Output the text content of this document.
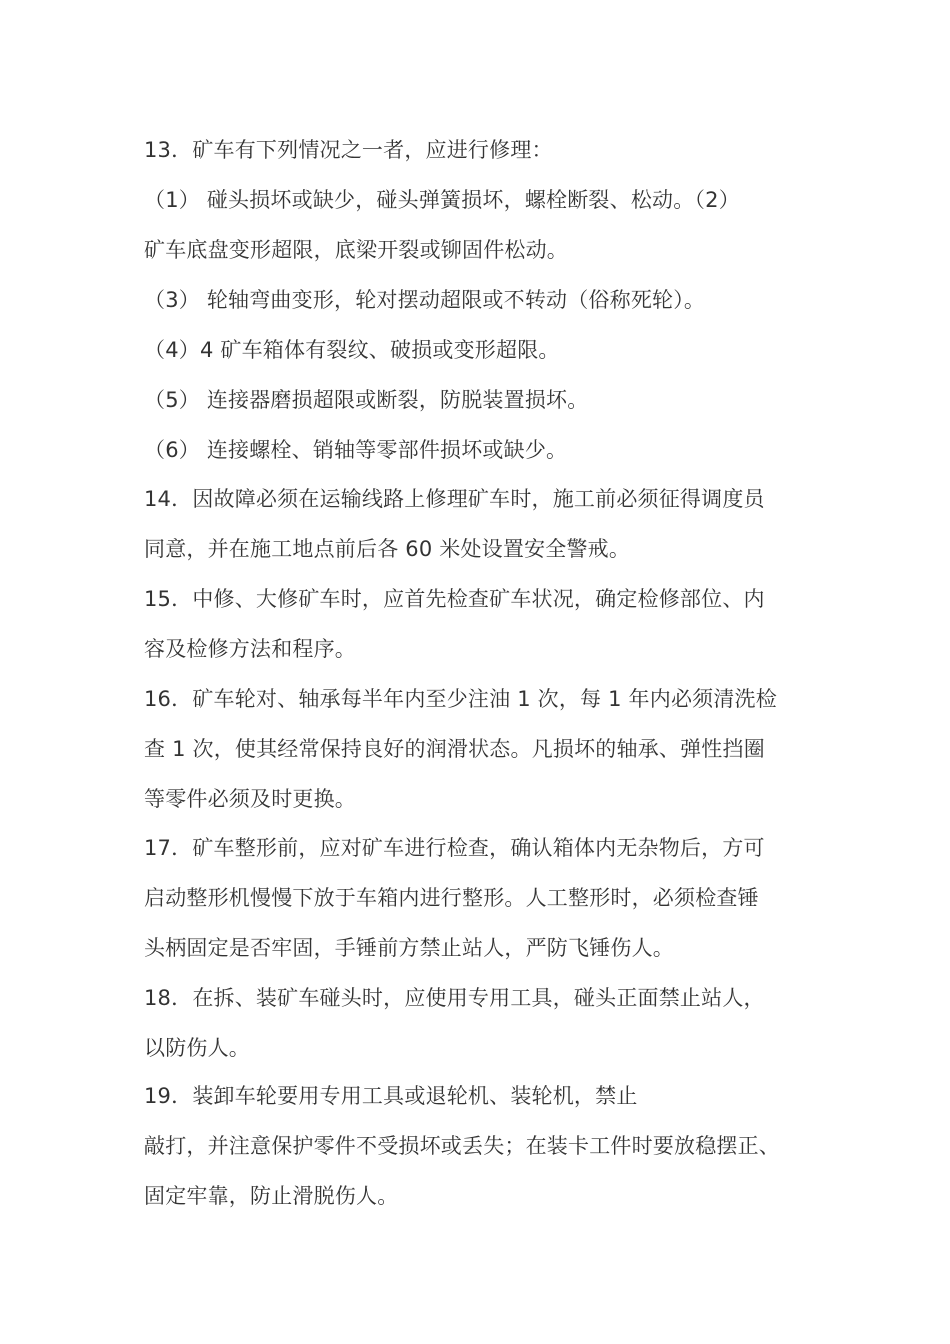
13．矿车有下列情况之一者，应进行修理：
（1） 碰头损坏或缺少，碰头弹簧损坏，螺栓断裂、松动。（2）
矿车底盘变形超限，底梁开裂或铆固件松动。
（3） 轮轴弯曲变形，轮对摆动超限或不转动（俗称死轮）。
（4）4 矿车箱体有裂纹、破损或变形超限。
（5） 连接器磨损超限或断裂，防脱装置损坏。
（6） 连接螺栓、销轴等零部件损坏或缺少。
14．因故障必须在运输线路上修理矿车时，施工前必须征得调度员
同意，并在施工地点前后各 60 米处设置安全警戒。
15．中修、大修矿车时，应首先检查矿车状况，确定检修部位、内
容及检修方法和程序。
16．矿车轮对、轴承每半年内至少注油 1 次，每 1 年内必须清洗检
查 1 次，使其经常保持良好的润滑状态。凡损坏的轴承、弹性挡圈
等零件必须及时更换。
17．矿车整形前，应对矿车进行检查，确认箱体内无杂物后，方可
启动整形机慢慢下放于车箱内进行整形。人工整形时，必须检查锤
头柄固定是否牢固，手锤前方禁止站人，严防飞锤伤人。
18．在拆、装矿车碰头时，应使用专用工具，碰头正面禁止站人，
以防伤人。
19．装卸车轮要用专用工具或退轮机、装轮机，禁止
敲打，并注意保护零件不受损坏或丢失；在装卡工件时要放稳摆正、
固定牢靠，防止滑脱伤人。
